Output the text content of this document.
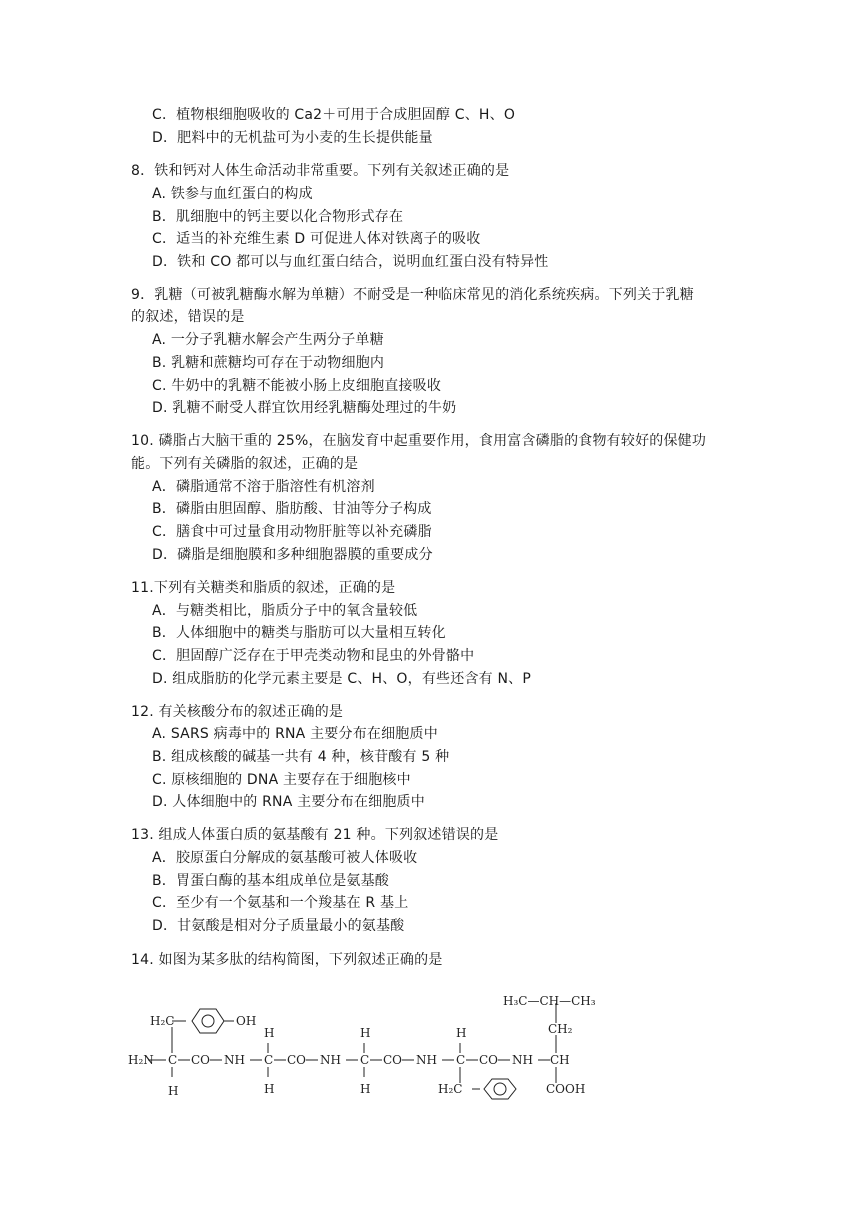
C．植物根细胞吸收的 Ca2＋可用于合成胆固醇 C、H、O
D．肥料中的无机盐可为小麦的生长提供能量
8．铁和钙对人体生命活动非常重要。下列有关叙述正确的是
A. 铁参与血红蛋白的构成
B．肌细胞中的钙主要以化合物形式存在
C．适当的补充维生素 D 可促进人体对铁离子的吸收
D．铁和 CO 都可以与血红蛋白结合，说明血红蛋白没有特异性
9．乳糖（可被乳糖酶水解为单糖）不耐受是一种临床常见的消化系统疾病。下列关于乳糖
的叙述，错误的是
A. 一分子乳糖水解会产生两分子单糖
B. 乳糖和蔗糖均可存在于动物细胞内
C. 牛奶中的乳糖不能被小肠上皮细胞直接吸收
D. 乳糖不耐受人群宜饮用经乳糖酶处理过的牛奶
10. 磷脂占大脑干重的 25%，在脑发育中起重要作用，食用富含磷脂的食物有较好的保健功
能。下列有关磷脂的叙述，正确的是
A．磷脂通常不溶于脂溶性有机溶剂
B．磷脂由胆固醇、脂肪酸、甘油等分子构成
C．膳食中可过量食用动物肝脏等以补充磷脂
D．磷脂是细胞膜和多种细胞器膜的重要成分
11.下列有关糖类和脂质的叙述，正确的是
A．与糖类相比，脂质分子中的氧含量较低
B．人体细胞中的糖类与脂肪可以大量相互转化
C．胆固醇广泛存在于甲壳类动物和昆虫的外骨骼中
D. 组成脂肪的化学元素主要是 C、H、O，有些还含有 N、P
12. 有关核酸分布的叙述正确的是
A. SARS 病毒中的 RNA 主要分布在细胞质中
B. 组成核酸的碱基一共有 4 种，核苷酸有 5 种
C. 原核细胞的 DNA 主要存在于细胞核中
D. 人体细胞中的 RNA 主要分布在细胞质中
13. 组成人体蛋白质的氨基酸有 21 种。下列叙述错误的是
A．胶原蛋白分解成的氨基酸可被人体吸收
B．胃蛋白酶的基本组成单位是氨基酸
C．至少有一个氨基和一个羧基在 R 基上
D．甘氨酸是相对分子质量最小的氨基酸
14. 如图为某多肽的结构简图，下列叙述正确的是
H₃C—CH—CH₃
CH₂
OH
H₂C
H₂N C CO NH C CO NH C CO NH C CO NH CH
H
H
H
H
H
H
H₂C	COOH
